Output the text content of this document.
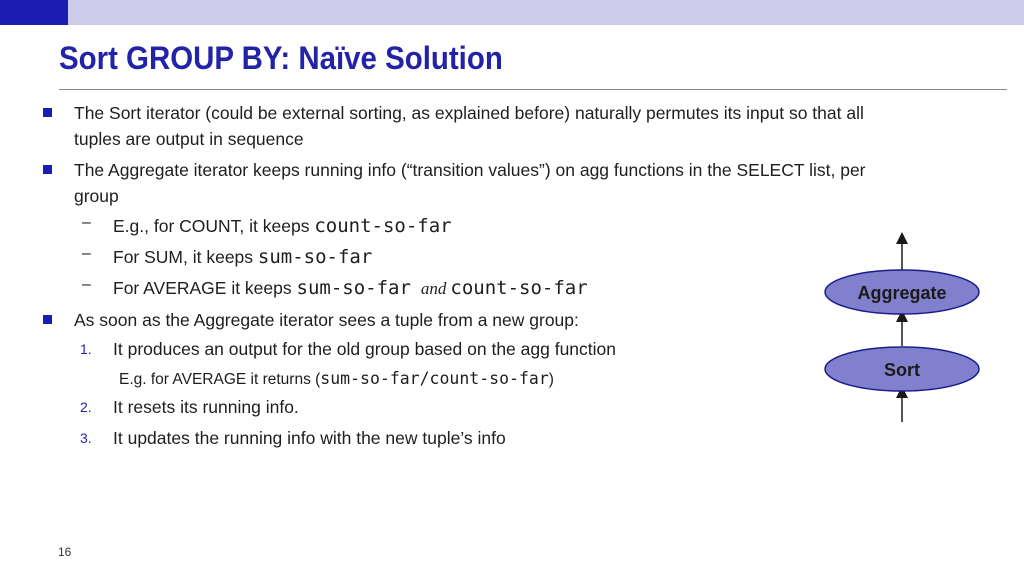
Sort GROUP BY: Naïve Solution
The Sort iterator (could be external sorting, as explained before) naturally permutes its input so that all
tuples are output in sequence
The Aggregate iterator keeps running info (“transition values”) on agg functions in the SELECT list, per
group
– E.g., for COUNT, it keeps count-so-far
– For SUM, it keeps sum-so-far
– For AVERAGE it keeps sum-so-far and count-so-far
As soon as the Aggregate iterator sees a tuple from a new group:
1. It produces an output for the old group based on the agg function
E.g. for AVERAGE it returns (sum-so-far/count-so-far)
2. It resets its running info.
3. It updates the running info with the new tuple’s info
Aggregate
Sort
16
